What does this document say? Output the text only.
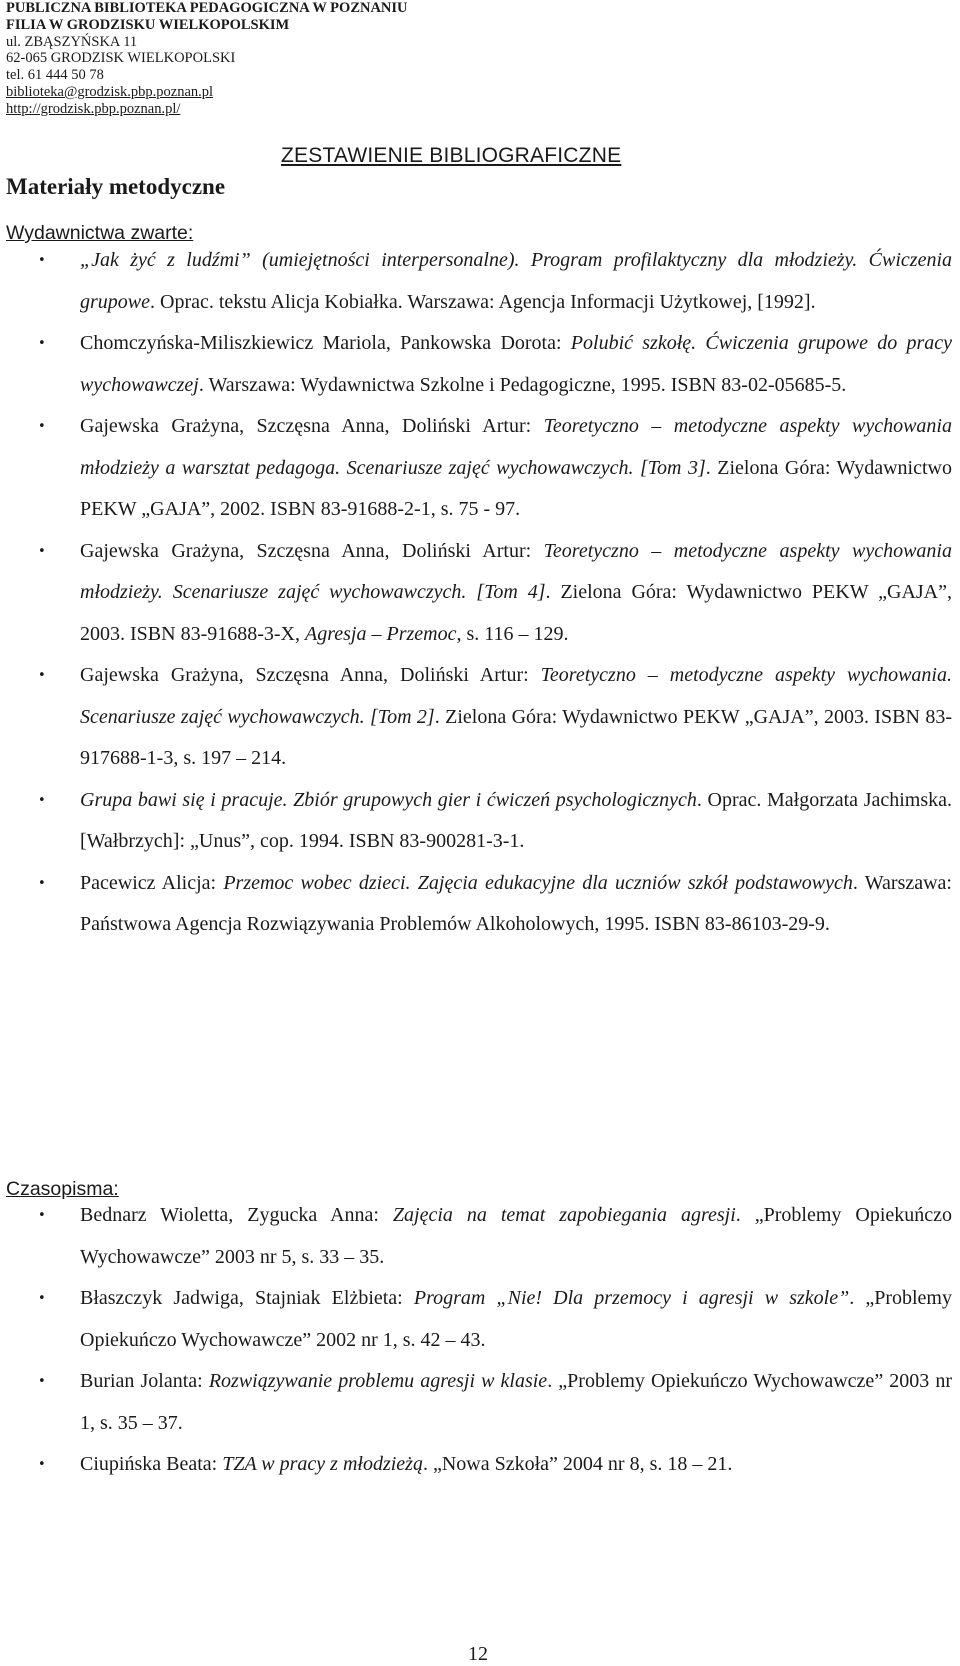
PUBLICZNA BIBLIOTEKA PEDAGOGICZNA W POZNANIU
FILIA W GRODZISKU WIELKOPOLSKIM
ul. ZBĄSZYŃSKA 11
62-065 GRODZISK WIELKOPOLSKI
tel. 61 444 50 78
biblioteka@grodzisk.pbp.poznan.pl
http://grodzisk.pbp.poznan.pl/
ZESTAWIENIE BIBLIOGRAFICZNE
Materiały metodyczne
Wydawnictwa zwarte:
• „Jak żyć z ludźmi” (umiejętności interpersonalne). Program profilaktyczny dla młodzieży. Ćwiczenia grupowe. Oprac. tekstu Alicja Kobiałka. Warszawa: Agencja Informacji Użytkowej, [1992].
• Chomczyńska-Miliszkiewicz Mariola, Pankowska Dorota: Polubić szkołę. Ćwiczenia grupowe do pracy wychowawczej. Warszawa: Wydawnictwa Szkolne i Pedagogiczne, 1995. ISBN 83-02-05685-5.
• Gajewska Grażyna, Szczęsna Anna, Doliński Artur: Teoretyczno – metodyczne aspekty wychowania młodzieży a warsztat pedagoga. Scenariusze zajęć wychowawczych. [Tom 3]. Zielona Góra: Wydawnictwo PEKW „GAJA”, 2002. ISBN 83-91688-2-1, s. 75 - 97.
• Gajewska Grażyna, Szczęsna Anna, Doliński Artur: Teoretyczno – metodyczne aspekty wychowania młodzieży. Scenariusze zajęć wychowawczych. [Tom 4]. Zielona Góra: Wydawnictwo PEKW „GAJA”, 2003. ISBN 83-91688-3-X, Agresja – Przemoc, s. 116 – 129.
• Gajewska Grażyna, Szczęsna Anna, Doliński Artur: Teoretyczno – metodyczne aspekty wychowania. Scenariusze zajęć wychowawczych. [Tom 2]. Zielona Góra: Wydawnictwo PEKW „GAJA”, 2003. ISBN 83-917688-1-3, s. 197 – 214.
• Grupa bawi się i pracuje. Zbiór grupowych gier i ćwiczeń psychologicznych. Oprac. Małgorzata Jachimska. [Wałbrzych]: „Unus”, cop. 1994. ISBN 83-900281-3-1.
• Pacewicz Alicja: Przemoc wobec dzieci. Zajęcia edukacyjne dla uczniów szkół podstawowych. Warszawa: Państwowa Agencja Rozwiązywania Problemów Alkoholowych, 1995. ISBN 83-86103-29-9.
Czasopisma:
• Bednarz Wioletta, Zygucka Anna: Zajęcia na temat zapobiegania agresji. „Problemy Opiekuńczo Wychowawcze” 2003 nr 5, s. 33 – 35.
• Błaszczyk Jadwiga, Stajniak Elżbieta: Program „Nie! Dla przemocy i agresji w szkole”. „Problemy Opiekuńczo Wychowawcze” 2002 nr 1, s. 42 – 43.
• Burian Jolanta: Rozwiązywanie problemu agresji w klasie. „Problemy Opiekuńczo Wychowawcze” 2003 nr 1, s. 35 – 37.
• Ciupińska Beata: TZA w pracy z młodzieżą. „Nowa Szkoła” 2004 nr 8, s. 18 – 21.
12
